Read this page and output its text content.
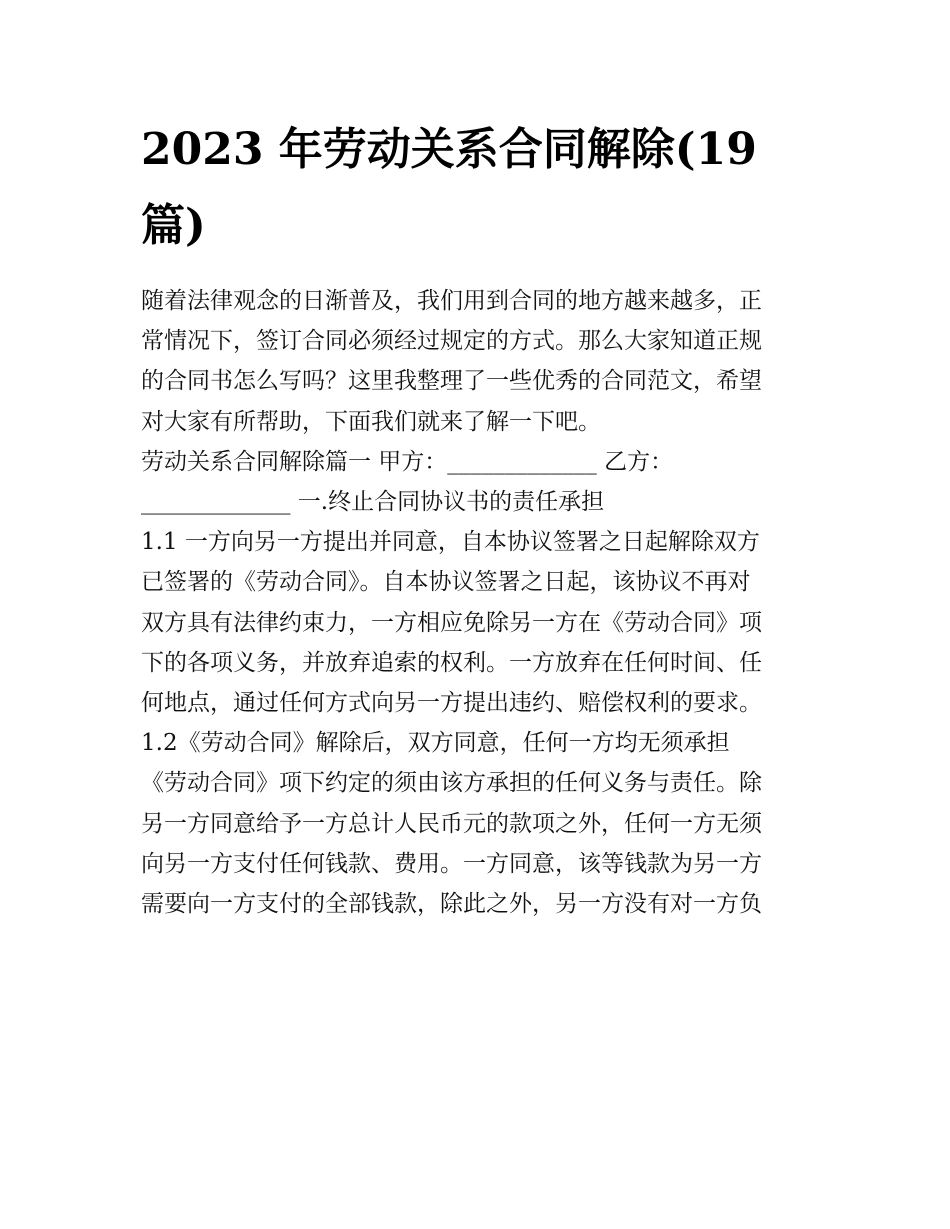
2023 年劳动关系合同解除(19
篇)
随着法律观念的日渐普及，我们用到合同的地方越来越多，正
常情况下，签订合同必须经过规定的方式。那么大家知道正规
的合同书怎么写吗？这里我整理了一些优秀的合同范文，希望
对大家有所帮助，下面我们就来了解一下吧。
劳动关系合同解除篇一 甲方：_____________ 乙方：
_____________ 一.终止合同协议书的责任承担
1.1 一方向另一方提出并同意，自本协议签署之日起解除双方
已签署的《劳动合同》。自本协议签署之日起，该协议不再对
双方具有法律约束力，一方相应免除另一方在《劳动合同》项
下的各项义务，并放弃追索的权利。一方放弃在任何时间、任
何地点，通过任何方式向另一方提出违约、赔偿权利的要求。
1.2《劳动合同》解除后，双方同意，任何一方均无须承担
《劳动合同》项下约定的须由该方承担的任何义务与责任。除
另一方同意给予一方总计人民币元的款项之外，任何一方无须
向另一方支付任何钱款、费用。一方同意，该等钱款为另一方
需要向一方支付的全部钱款，除此之外，另一方没有对一方负
